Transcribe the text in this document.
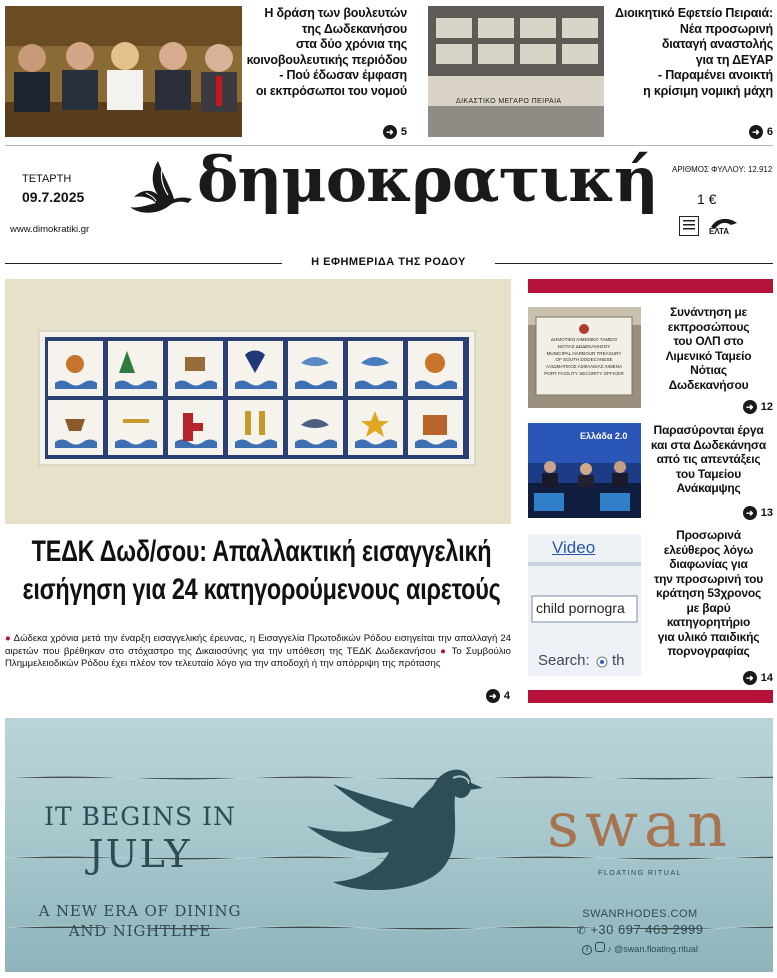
Η δράση των βουλευτών
της Δωδεκανήσου
στα δύο χρόνια της
κοινοβουλευτικής περιόδου
- Πού έδωσαν έμφαση
οι εκπρόσωποι του νομού
➜ 5
ΔΙΚΑΣΤΙΚΟ ΜΕΓΑΡΟ ΠΕΙΡΑΙΑ
Διοικητικό Εφετείο Πειραιά:
Νέα προσωρινή
διαταγή αναστολής
για τη ΔΕΥΑΡ
- Παραμένει ανοικτή
η κρίσιμη νομική μάχη
➜ 6
ΤΕΤΑΡΤΗ
09.7.2025
www.dimokratiki.gr
δημοκρατική ΑΡΙΘΜΟΣ ΦΥΛΛΟΥ: 12.912
1 €
ΕΛΤΑ
Η ΕΦΗΜΕΡΙΔΑ ΤΗΣ ΡΟΔΟΥ
ΤΕΔΚ Δωδ/σου: Απαλλακτική εισαγγελική
εισήγηση για 24 κατηγορούμενους αιρετούς
● Δώδεκα χρόνια μετά την έναρξη εισαγγελικής έρευνας, η Εισαγγελία Πρωτοδικών Ρόδου εισηγείται την απαλλαγή 24 αιρετών που βρέθηκαν στο στόχαστρο της Δικαιοσύνης για την υπόθεση της ΤΕΔΚ Δωδεκανήσου ● Το Συμβούλιο Πλημμελειοδικών Ρόδου έχει πλέον τον τελευταίο λόγο για την αποδοχή ή την απόρριψη της πρότασης
➜ 4
ΔΗΜΟΤΙΚΟ ΛΙΜΕΝΙΚΟ ΤΑΜΕΙΟ
ΝΟΤΙΑΣ ΔΩΔΕΚΑΝΗΣΟΥ
MUNICIPAL HARBOUR TREASURY
OF SOUTH DODECANESE
ΑΞΙΩΜΑΤΙΚΟΣ ΑΣΦΑΛΕΙΑΣ ΛΙΜΕΝΑ
PORT FACILITY SECURITY OFFICER
Συνάντηση με
εκπροσώπους
του ΟΛΠ στο
Λιμενικό Ταμείο
Νότιας
Δωδεκανήσου
➜ 12
Ελλάδα 2.0	Παρασύρονται έργα
και στα Δωδεκάνησα
από τις απεντάξεις
του Ταμείου
Ανάκαμψης
➜ 13
Video
child pornogra
Search: th
Προσωρινά
ελεύθερος λόγω
διαφωνίας για
την προσωρινή του
κράτηση 53χρονος
με βαρύ
κατηγορητήριο
για υλικό παιδικής
πορνογραφίας
➜ 14
IT BEGINS IN
JULY
A NEW ERA OF DINING
AND NIGHTLIFE
swan
FLOATING RITUAL
SWANRHODES.COM
✆ +30 697 463 2999
f ♪ @swan.floating.ritual
